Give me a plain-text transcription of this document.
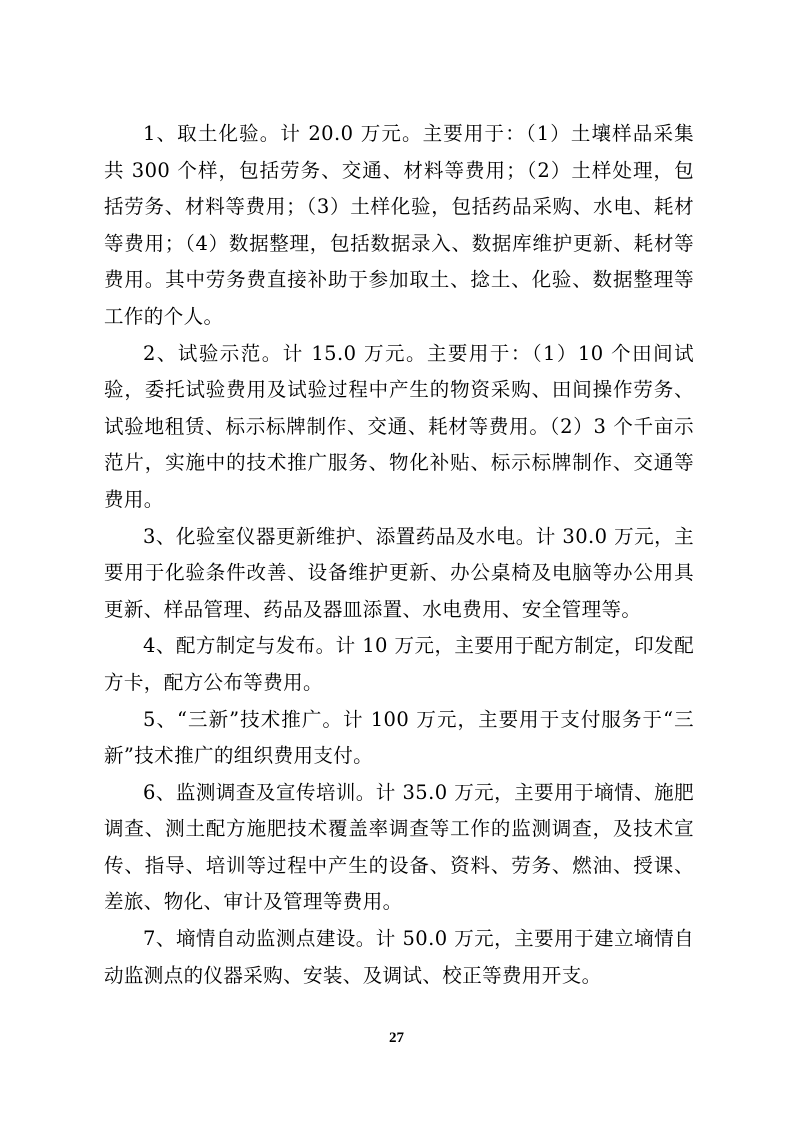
1、取土化验。计 20.0 万元。主要用于：（1）土壤样品采集共 300 个样，包括劳务、交通、材料等费用；（2）土样处理，包括劳务、材料等费用；（3）土样化验，包括药品采购、水电、耗材等费用；（4）数据整理，包括数据录入、数据库维护更新、耗材等费用。其中劳务费直接补助于参加取土、捻土、化验、数据整理等工作的个人。

2、试验示范。计 15.0 万元。主要用于：（1）10 个田间试验，委托试验费用及试验过程中产生的物资采购、田间操作劳务、试验地租赁、标示标牌制作、交通、耗材等费用。（2）3 个千亩示范片，实施中的技术推广服务、物化补贴、标示标牌制作、交通等费用。

3、化验室仪器更新维护、添置药品及水电。计 30.0 万元，主要用于化验条件改善、设备维护更新、办公桌椅及电脑等办公用具更新、样品管理、药品及器皿添置、水电费用、安全管理等。

4、配方制定与发布。计 10 万元，主要用于配方制定，印发配方卡，配方公布等费用。

5、“三新”技术推广。计 100 万元，主要用于支付服务于“三新”技术推广的组织费用支付。

6、监测调查及宣传培训。计 35.0 万元，主要用于墒情、施肥调查、测土配方施肥技术覆盖率调查等工作的监测调查，及技术宣传、指导、培训等过程中产生的设备、资料、劳务、燃油、授课、差旅、物化、审计及管理等费用。

7、墒情自动监测点建设。计 50.0 万元，主要用于建立墒情自动监测点的仪器采购、安装、及调试、校正等费用开支。

27
